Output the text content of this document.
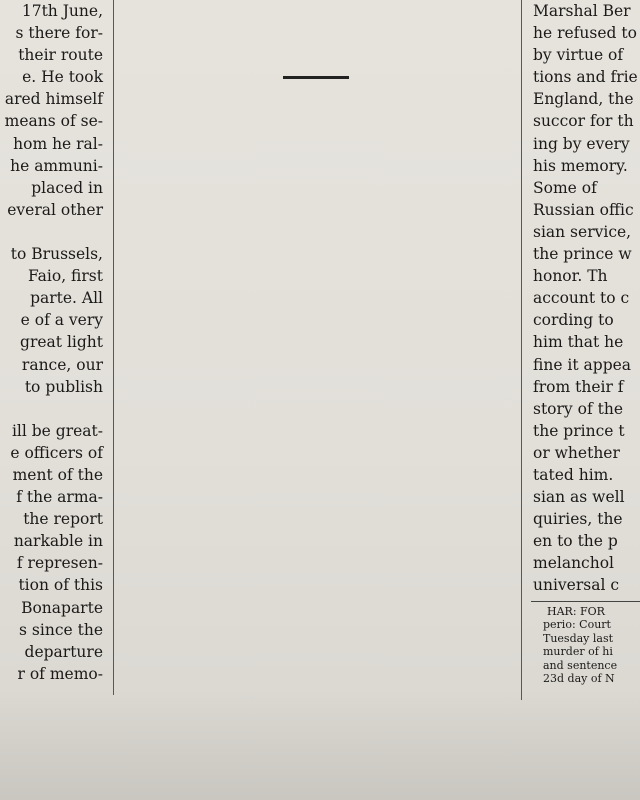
17th June,
s there for-
their route
e. He took
ared himself
means of se-
hom he ral-
he ammuni-
placed in
everal other
to Brussels,
Faio, first
parte. All
e of a very
great light
rance, our
to publish
ill be great-
e officers of
ment of the
f the arma-
the report
narkable in
f represen-
tion of this
Bonaparte
s since the
departure
r of memo-
Marshal Ber
he refused to
by virtue of
tions and frie
England, the
succor for th
ing by every
his memory.
Some of
Russian offic
sian service,
the prince w
honor. Th
account to c
cording to
him that he
fine it appea
from their f
story of the
the prince t
or whether
tated him.
sian as well
quiries, the
en to the p
melanchol
universal c
HAR: FOR
perio: Court
Tuesday last
murder of hi
and sentence
23d day of N
